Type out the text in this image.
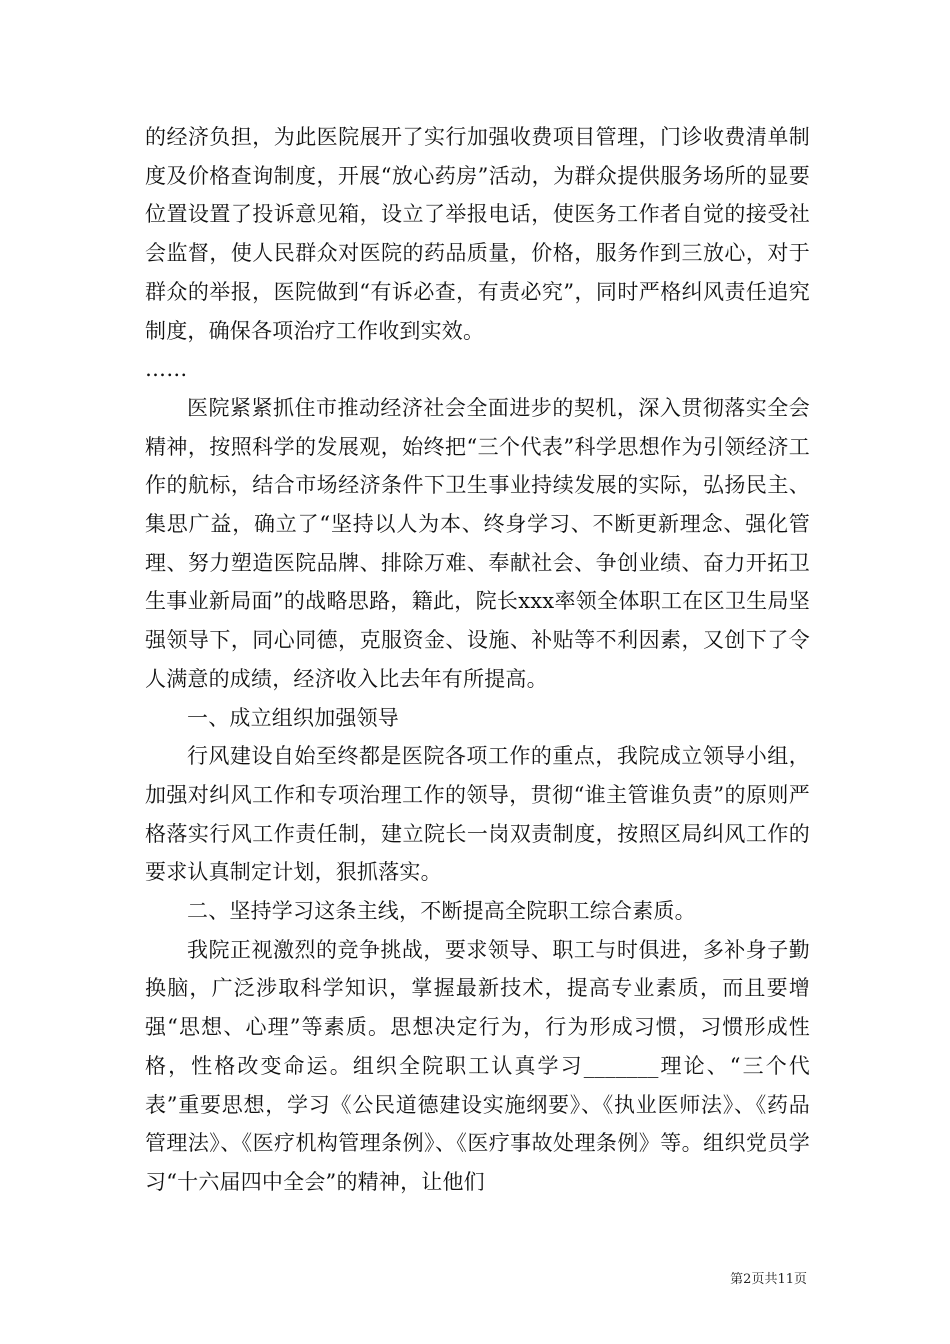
的经济负担，为此医院展开了实行加强收费项目管理，门诊收费清单制度及价格查询制度，开展“放心药房”活动，为群众提供服务场所的显要位置设置了投诉意见箱，设立了举报电话，使医务工作者自觉的接受社会监督，使人民群众对医院的药品质量，价格，服务作到三放心，对于群众的举报，医院做到“有诉必查，有责必究”，同时严格纠风责任追究制度，确保各项治疗工作收到实效。

……

医院紧紧抓住市推动经济社会全面进步的契机，深入贯彻落实全会精神，按照科学的发展观，始终把“三个代表”科学思想作为引领经济工作的航标，结合市场经济条件下卫生事业持续发展的实际，弘扬民主、集思广益，确立了“坚持以人为本、终身学习、不断更新理念、强化管理、努力塑造医院品牌、排除万难、奉献社会、争创业绩、奋力开拓卫生事业新局面”的战略思路，籍此，院长xxx率领全体职工在区卫生局坚强领导下，同心同德，克服资金、设施、补贴等不利因素，又创下了令人满意的成绩，经济收入比去年有所提高。

一、成立组织加强领导

行风建设自始至终都是医院各项工作的重点，我院成立领导小组，加强对纠风工作和专项治理工作的领导，贯彻“谁主管谁负责”的原则严格落实行风工作责任制，建立院长一岗双责制度，按照区局纠风工作的要求认真制定计划，狠抓落实。

二、坚持学习这条主线，不断提高全院职工综合素质。

我院正视激烈的竞争挑战，要求领导、职工与时俱进，多补身子勤换脑，广泛涉取科学知识，掌握最新技术，提高专业素质，而且要增强“思想、心理”等素质。思想决定行为，行为形成习惯，习惯形成性格，性格改变命运。组织全院职工认真学习_______理论、“三个代表”重要思想，学习《公民道德建设实施纲要》、《执业医师法》、《药品管理法》、《医疗机构管理条例》、《医疗事故处理条例》等。组织党员学习“十六届四中全会”的精神，让他们

第2页共11页
